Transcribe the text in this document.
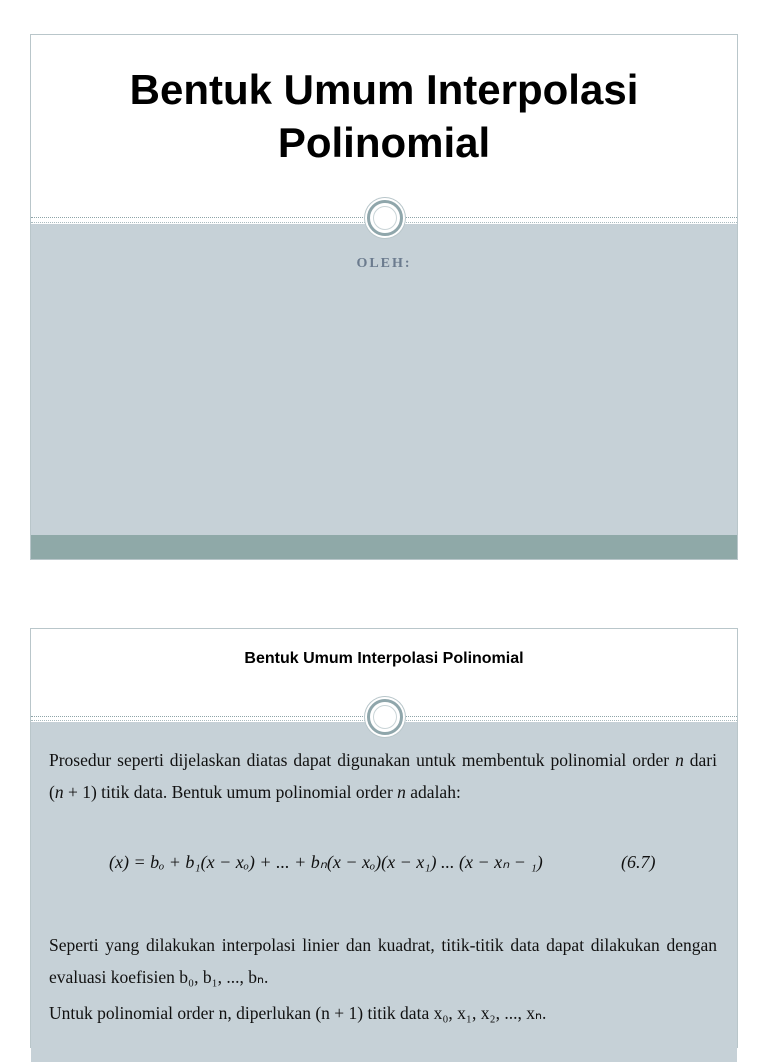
Bentuk Umum Interpolasi Polinomial
OLEH:
Bentuk Umum Interpolasi Polinomial

Prosedur seperti dijelaskan diatas dapat digunakan untuk membentuk polinomial order n dari (n + 1) titik data. Bentuk umum polinomial order n adalah:

(x) = bₒ + b₁(x − xₒ) + ... + bₙ(x − xₒ)(x − x₁) ... (x − xₙ − ₁)	(6.7)

Seperti yang dilakukan interpolasi linier dan kuadrat, titik-titik data dapat dilakukan dengan evaluasi koefisien b₀, b₁, ..., bₙ.

Untuk polinomial order n, diperlukan (n + 1) titik data x₀, x₁, x₂, ..., xₙ.
